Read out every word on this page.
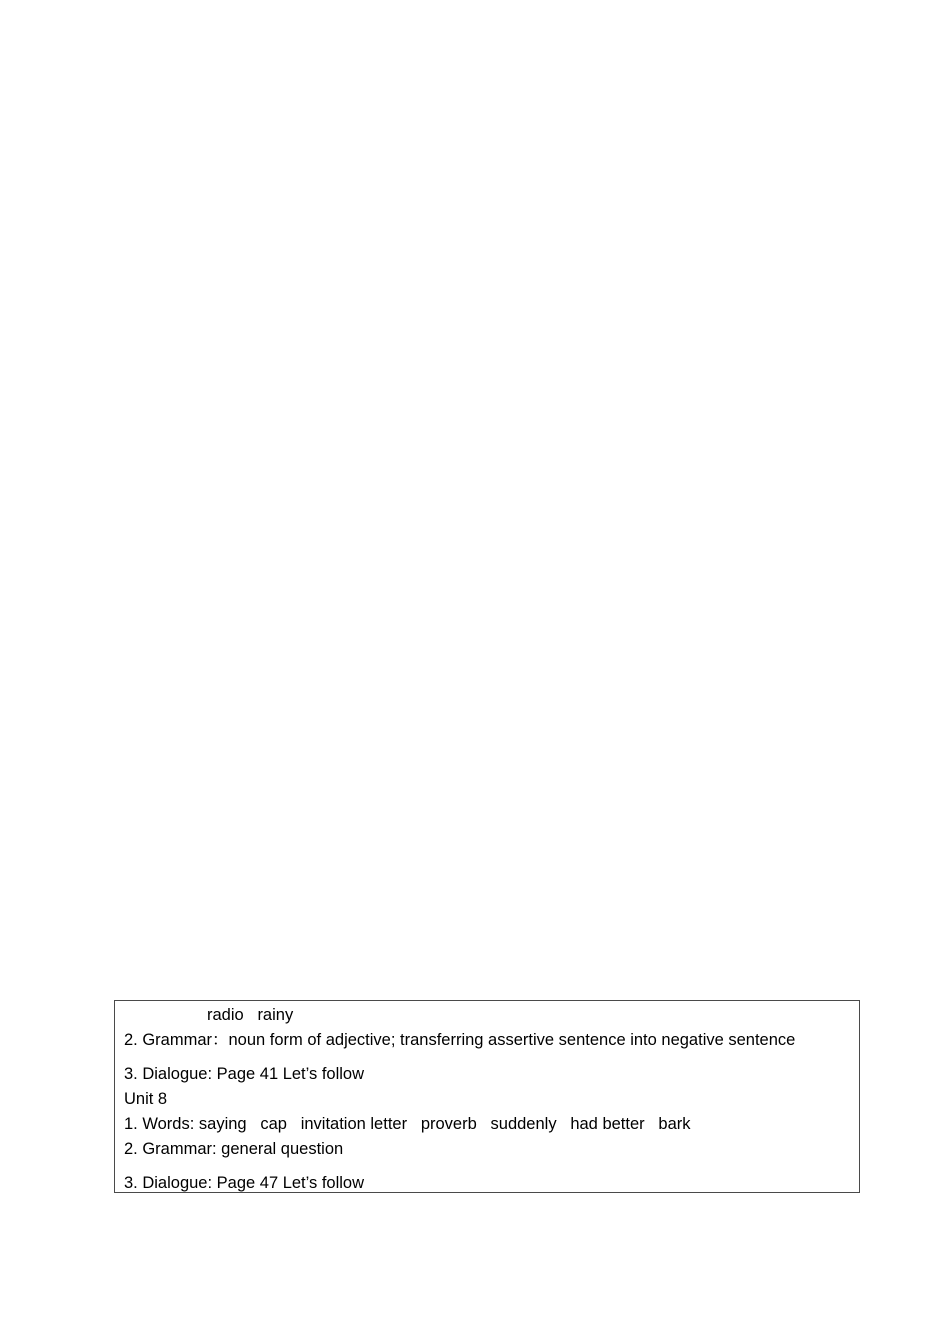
radio   rainy
2. Grammar：noun form of adjective; transferring assertive sentence into negative sentence
3. Dialogue: Page 41 Let’s follow
Unit 8
1. Words: saying   cap   invitation letter   proverb   suddenly   had better   bark
2. Grammar: general question
3. Dialogue: Page 47 Let’s follow
